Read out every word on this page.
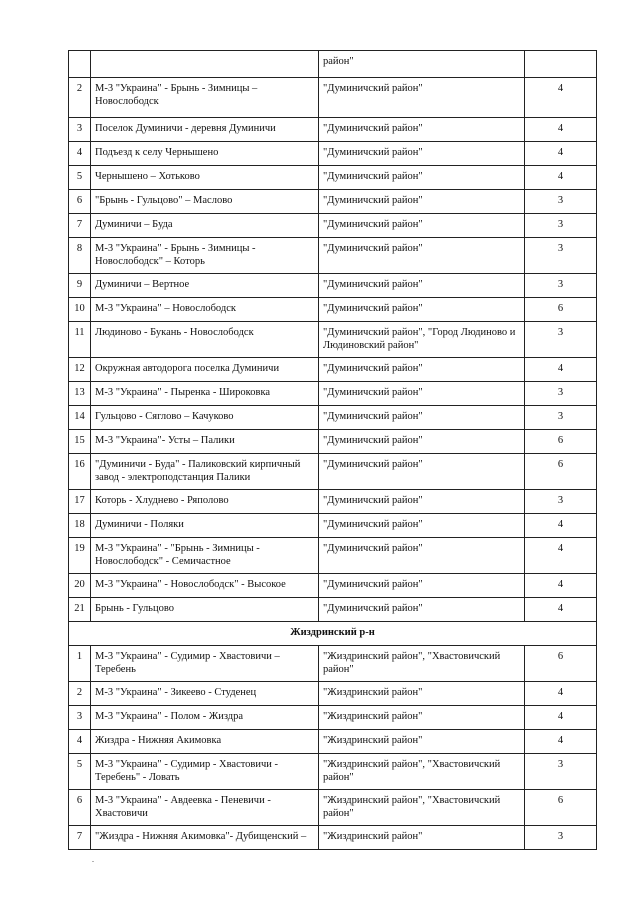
		район"	
2	М-3 "Украина" - Брынь - Зимницы – Новослободск	"Думиничский район"	4
3	Поселок Думиничи - деревня Думиничи	"Думиничский район"	4
4	Подъезд к селу Чернышено	"Думиничский район"	4
5	Чернышено – Хотьково	"Думиничский район"	4
6	"Брынь - Гульцово" – Маслово	"Думиничский район"	3
7	Думиничи – Буда	"Думиничский район"	3
8	М-3 "Украина" - Брынь - Зимницы - Новослободск" – Которь	"Думиничский район"	3
9	Думиничи – Вертное	"Думиничский район"	3
10	М-3 "Украина" – Новослободск	"Думиничский район"	6
11	Людиново - Букань - Новослободск	"Думиничский район", "Город Людиново и Людиновский район"	3
12	Окружная автодорога поселка Думиничи	"Думиничский район"	4
13	М-3 "Украина" - Пыренка - Широковка	"Думиничский район"	3
14	Гульцово - Сяглово – Качуково	"Думиничский район"	3
15	М-3 "Украина"- Усты – Палики	"Думиничский район"	6
16	"Думиничи - Буда" - Паликовский кирпичный завод - электроподстанция Палики	"Думиничский район"	6
17	Которь - Хлуднево - Ряполово	"Думиничский район"	3
18	Думиничи - Поляки	"Думиничский район"	4
19	М-3 "Украина" - "Брынь - Зимницы - Новослободск" - Семичастное	"Думиничский район"	4
20	М-3 "Украина" - Новослободск" - Высокое	"Думиничский район"	4
21	Брынь - Гульцово	"Думиничский район"	4
Жиздринский р-н			
1	М-3 "Украина" - Судимир - Хвастовичи – Теребень	"Жиздринский район", "Хвастовичский район"	6
2	М-3 "Украина" - Зикеево - Студенец	"Жиздринский район"	4
3	М-3 "Украина" - Полом - Жиздра	"Жиздринский район"	4
4	Жиздра - Нижняя Акимовка	"Жиздринский район"	4
5	М-3 "Украина" - Судимир - Хвастовичи - Теребень" - Ловать	"Жиздринский район", "Хвастовичский район"	3
6	М-3 "Украина" - Авдеевка - Пеневичи - Хвастовичи	"Жиздринский район", "Хвастовичский район"	6
7	"Жиздра - Нижняя Акимовка"- Дубищенский –	"Жиздринский район"	3
.
